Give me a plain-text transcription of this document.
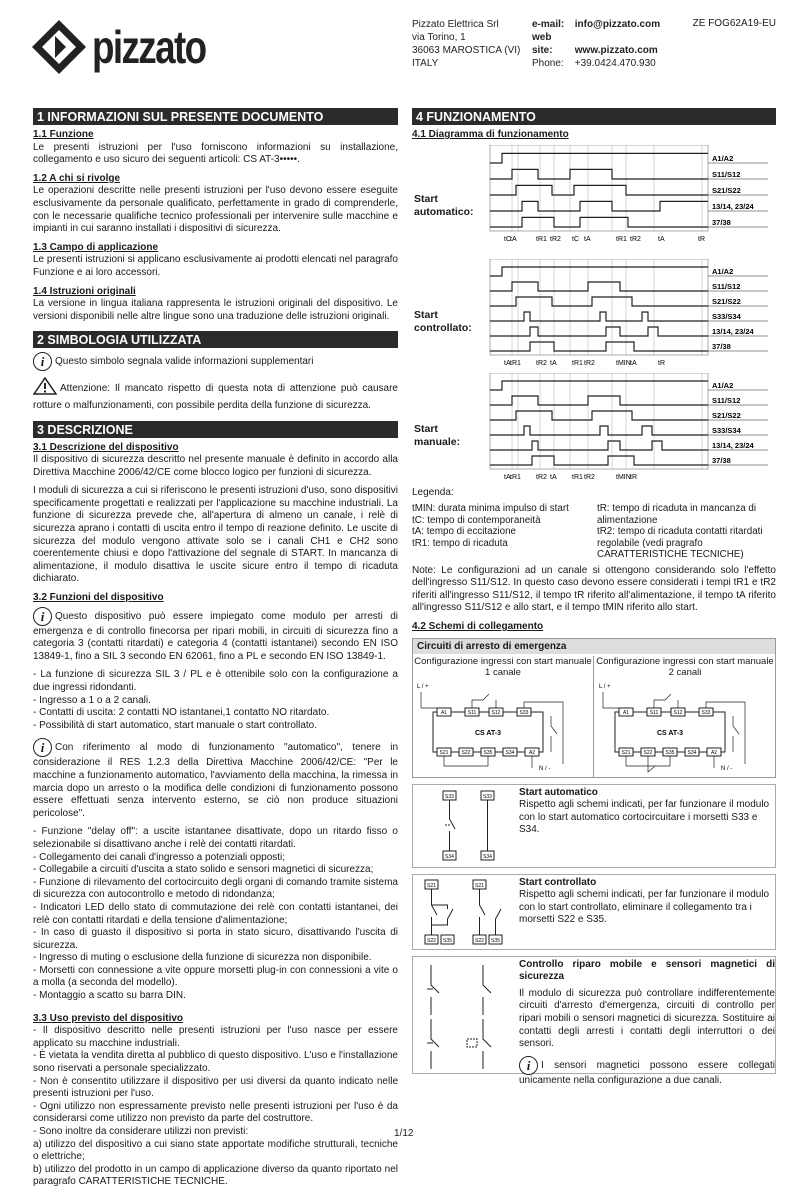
pizzato	Pizzato Elettrica Srl
via Torino, 1
36063 MAROSTICA (VI)
ITALY
e-mail: info@pizzato.com
web site: www.pizzato.com
Phone: +39.0424.470.930
ZE FOG62A19-EU
1 INFORMAZIONI SUL PRESENTE DOCUMENTO
1.1 Funzione

Le presenti istruzioni per l'uso forniscono informazioni su installazione, collegamento e uso sicuro dei seguenti articoli: CS AT-3•••••.

1.2 A chi si rivolge

Le operazioni descritte nelle presenti istruzioni per l'uso devono essere eseguite esclusivamente da personale qualificato, perfettamente in grado di comprenderle, con le necessarie qualifiche tecnico professionali per intervenire sulle macchine e impianti in cui saranno installati i dispositivi di sicurezza.

1.3 Campo di applicazione

Le presenti istruzioni si applicano esclusivamente ai prodotti elencati nel paragrafo Funzione e ai loro accessori.

1.4 Istruzioni originali

La versione in lingua italiana rappresenta le istruzioni originali del dispositivo. Le versioni disponibili nelle altre lingue sono una traduzione delle istruzioni originali.

2 SIMBOLOGIA UTILIZZATA

i Questo simbolo segnala valide informazioni supplementari

Attenzione: Il mancato rispetto di questa nota di attenzione può causare rotture o malfunzionamenti, con possibile perdita della funzione di sicurezza.

3 DESCRIZIONE
3.1 Descrizione del dispositivo

Il dispositivo di sicurezza descritto nel presente manuale è definito in accordo alla Direttiva Macchine 2006/42/CE come blocco logico per funzioni di sicurezza.

I moduli di sicurezza a cui si riferiscono le presenti istruzioni d'uso, sono dispositivi specificamente progettati e realizzati per l'applicazione su macchine industriali. La funzione di sicurezza prevede che, all'apertura di almeno un canale, i relè di sicurezza aprano i contatti di uscita entro il tempo di reazione definito. Le uscite di sicurezza del modulo vengono attivate solo se i canali CH1 e CH2 sono coerentemente chiusi e dopo l'attivazione del segnale di START. In mancanza di alimentazione, il modulo disattiva le uscite sicure entro il tempo di ricaduta dichiarato.

3.2 Funzioni del dispositivo

i Questo dispositivo può essere impiegato come modulo per arresti di emergenza e di controllo finecorsa per ripari mobili, in circuiti di sicurezza fino a categoria 3 (contatti ritardati) e categoria 4 (contatti istantanei) secondo EN ISO 13849-1, fino a SIL 3 secondo EN 62061, fino a PL e secondo EN ISO 13849-1.

- La funzione di sicurezza SIL 3 / PL e è ottenibile solo con la configurazione a due ingressi ridondanti.
- Ingresso a 1 o a 2 canali.
- Contatti di uscita: 2 contatti NO istantanei,1 contatto NO ritardato.
- Possibilità di start automatico, start manuale o start controllato.

i Con riferimento al modo di funzionamento "automatico", tenere in considerazione il RES 1.2.3 della Direttiva Macchine 2006/42/CE: "Per le macchine a funzionamento automatico, l'avviamento della macchina, la rimessa in marcia dopo un arresto o la modifica delle condizioni di funzionamento possono essere effettuati senza intervento esterno, se ciò non produce situazioni pericolose".

- Funzione "delay off": a uscite istantanee disattivate, dopo un ritardo fisso o selezionabile si disattivano anche i relè dei contatti ritardati.
- Collegamento dei canali d'ingresso a potenziali opposti;
- Collegabile a circuiti d'uscita a stato solido e sensori magnetici di sicurezza;
- Funzione di rilevamento del cortocircuito degli organi di comando tramite sistema di sicurezza con autocontrollo e metodo di ridondanza;
- Indicatori LED dello stato di commutazione dei relè con contatti istantanei, dei relè con contatti ritardati e della tensione d'alimentazione;
- In caso di guasto il dispositivo si porta in stato sicuro, disattivando l'uscita di sicurezza.
- Ingresso di muting o esclusione della funzione di sicurezza non disponibile.
- Morsetti con connessione a vite oppure morsetti plug-in con connessioni a vite o a molla (a seconda del modello).
- Montaggio a scatto su barra DIN.
3.3 Uso previsto del dispositivo
- Il dispositivo descritto nelle presenti istruzioni per l'uso nasce per essere applicato su macchine industriali.
- È vietata la vendita diretta al pubblico di questo dispositivo. L'uso e l'installazione sono riservati a personale specializzato.
- Non è consentito utilizzare il dispositivo per usi diversi da quanto indicato nelle presenti istruzioni per l'uso.
- Ogni utilizzo non espressamente previsto nelle presenti istruzioni per l'uso è da considerarsi come utilizzo non previsto da parte del costruttore.
- Sono inoltre da considerare utilizzi non previsti:
a) utilizzo del dispositivo a cui siano state apportate modifiche strutturali, tecniche o elettriche;
b) utilizzo del prodotto in un campo di applicazione diverso da quanto riportato nel paragrafo CARATTERISTICHE TECNICHE.
4 FUNZIONAMENTO
4.1 Diagramma di funzionamento
Start
automatico:
A1/A2
S11/S12
S21/S22
13/14, 23/24
37/38
tC tA	tR1 tR2 tC tA	tR1 tR2 tA	tR
Start
controllato:
A1/A2
S11/S12
S21/S22
S33/S34
13/14, 23/24
37/38
tA tR1 tR2 tA tR1 tR2	tMIN tA	tR
Start
manuale:
A1/A2
S11/S12
S21/S22
S33/S34
13/14, 23/24
37/38
tA tR1 tR2 tA tR1 tR2	tMIN tR
Legenda:
tMIN: durata minima impulso di start
tC: tempo di contemporaneità
tA: tempo di eccitazione
tR1: tempo di ricaduta
tR: tempo di ricaduta in mancanza di alimentazione
tR2: tempo di ricaduta contatti ritardati regolabile (vedi pragrafo CARATTERISTICHE TECNICHE)

Note: Le configurazioni ad un canale si ottengono considerando solo l'effetto dell'ingresso S11/S12. In questo caso devono essere considerati i tempi tR1 e tR2 riferiti all'ingresso S11/S12, il tempo tR riferito all'alimentazione, il tempo tA riferito all'ingresso S11/S12 e allo start, e il tempo tMIN riferito allo start.

4.2 Schemi di collegamento
Circuiti di arresto di emergenza
Configurazione ingressi con start manuale
1 canale
CS AT-3
A1	S11	S12	S33
S21	S22	S35	S34	A2
L / +
N / -
Configurazione ingressi con start manuale
2 canali
CS AT-3
A1	S11	S12	S33
S21	S22	S35	S34	A2
L / +
N / -
S33	S33
S34	S34
Start automatico
Rispetto agli schemi indicati, per far funzionare il modulo con lo start automatico cortocircuitare i morsetti S33 e S34.
S21	S21
S22 S35	S22 S35
Start controllato
Rispetto agli schemi indicati, per far funzionare il modulo con lo start controllato, eliminare il collegamento tra i morsetti S22 e S35.
Controllo riparo mobile e sensori magnetici di sicurezza
Il modulo di sicurezza può controllare indifferentemente circuiti d'arresto d'emergenza, circuiti di controllo per ripari mobili o sensori magnetici di sicurezza. Sostituire ai contatti degli arresti i contatti degli interruttori o dei sensori.
i I sensori magnetici possono essere collegati unicamente nella configurazione a due canali.
1/12
